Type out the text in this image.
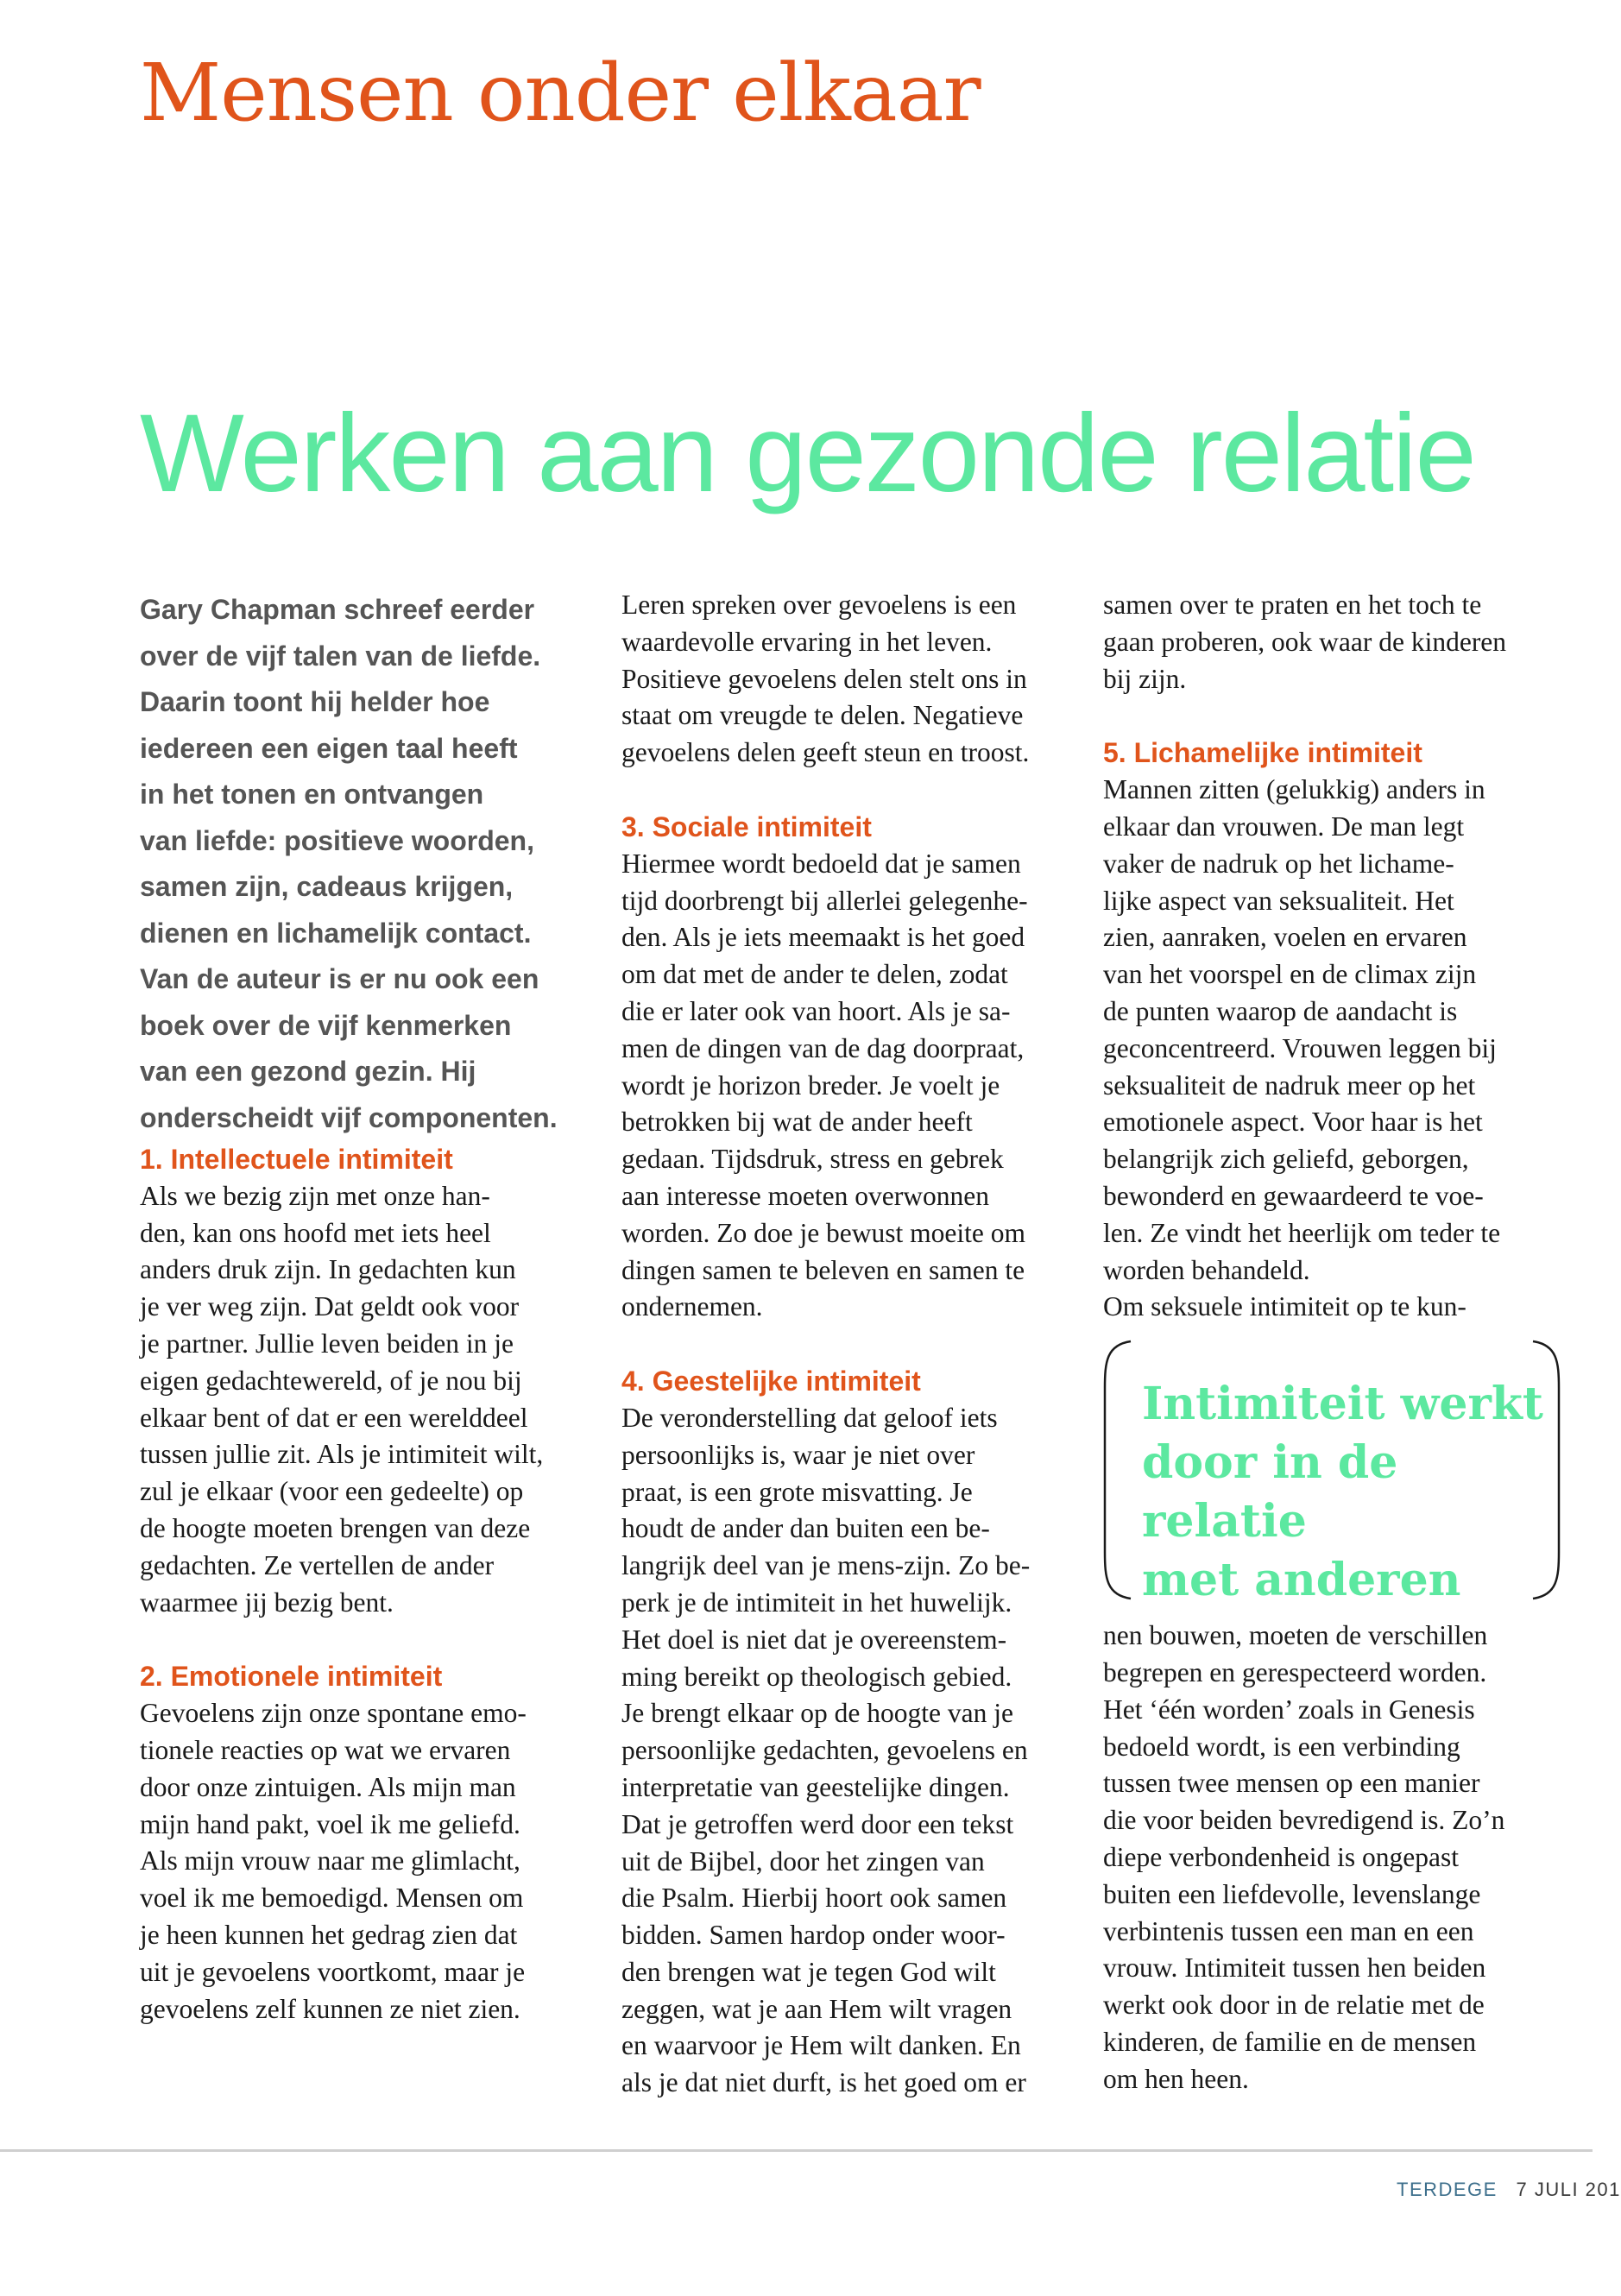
Mensen onder elkaar
Werken aan gezonde relatie

Gary Chapman schreef eerder
over de vijf talen van de liefde.
Daarin toont hij helder hoe
iedereen een eigen taal heeft
in het tonen en ontvangen
van liefde: positieve woorden,
samen zijn, cadeaus krijgen,
dienen en lichamelijk contact.
Van de auteur is er nu ook een
boek over de vijf kenmerken
van een gezond gezin. Hij
onderscheidt vijf componenten.

1. Intellectuele intimiteit

Als we bezig zijn met onze han-
den, kan ons hoofd met iets heel
anders druk zijn. In gedachten kun
je ver weg zijn. Dat geldt ook voor
je partner. Jullie leven beiden in je
eigen gedachtewereld, of je nou bij
elkaar bent of dat er een werelddeel
tussen jullie zit. Als je intimiteit wilt,
zul je elkaar (voor een gedeelte) op
de hoogte moeten brengen van deze
gedachten. Ze vertellen de ander
waarmee jij bezig bent.

2. Emotionele intimiteit

Gevoelens zijn onze spontane emo-
tionele reacties op wat we ervaren
door onze zintuigen. Als mijn man
mijn hand pakt, voel ik me geliefd.
Als mijn vrouw naar me glimlacht,
voel ik me bemoedigd. Mensen om
je heen kunnen het gedrag zien dat
uit je gevoelens voortkomt, maar je
gevoelens zelf kunnen ze niet zien.

Leren spreken over gevoelens is een
waardevolle ervaring in het leven.
Positieve gevoelens delen stelt ons in
staat om vreugde te delen. Negatieve
gevoelens delen geeft steun en troost.

3. Sociale intimiteit

Hiermee wordt bedoeld dat je samen
tijd doorbrengt bij allerlei gelegenhe-
den. Als je iets meemaakt is het goed
om dat met de ander te delen, zodat
die er later ook van hoort. Als je sa-
men de dingen van de dag doorpraat,
wordt je horizon breder. Je voelt je
betrokken bij wat de ander heeft
gedaan. Tijdsdruk, stress en gebrek
aan interesse moeten overwonnen
worden. Zo doe je bewust moeite om
dingen samen te beleven en samen te
ondernemen.

4. Geestelijke intimiteit

De veronderstelling dat geloof iets
persoonlijks is, waar je niet over
praat, is een grote misvatting. Je
houdt de ander dan buiten een be-
langrijk deel van je mens-zijn. Zo be-
perk je de intimiteit in het huwelijk.
Het doel is niet dat je overeenstem-
ming bereikt op theologisch gebied.
Je brengt elkaar op de hoogte van je
persoonlijke gedachten, gevoelens en
interpretatie van geestelijke dingen.
Dat je getroffen werd door een tekst
uit de Bijbel, door het zingen van
die Psalm. Hierbij hoort ook samen
bidden. Samen hardop onder woor-
den brengen wat je tegen God wilt
zeggen, wat je aan Hem wilt vragen
en waarvoor je Hem wilt danken. En
als je dat niet durft, is het goed om er

samen over te praten en het toch te
gaan proberen, ook waar de kinderen
bij zijn.

5. Lichamelijke intimiteit

Mannen zitten (gelukkig) anders in
elkaar dan vrouwen. De man legt
vaker de nadruk op het lichame-
lijke aspect van seksualiteit. Het
zien, aanraken, voelen en ervaren
van het voorspel en de climax zijn
de punten waarop de aandacht is
geconcentreerd. Vrouwen leggen bij
seksualiteit de nadruk meer op het
emotionele aspect. Voor haar is het
belangrijk zich geliefd, geborgen,
bewonderd en gewaardeerd te voe-
len. Ze vindt het heerlijk om teder te
worden behandeld.
Om seksuele intimiteit op te kun-

Intimiteit werkt
door in de relatie
met anderen

nen bouwen, moeten de verschillen
begrepen en gerespecteerd worden.
Het ‘één worden’ zoals in Genesis
bedoeld wordt, is een verbinding
tussen twee mensen op een manier
die voor beiden bevredigend is. Zo’n
diepe verbondenheid is ongepast
buiten een liefdevolle, levenslange
verbintenis tussen een man en een
vrouw. Intimiteit tussen hen beiden
werkt ook door in de relatie met de
kinderen, de familie en de mensen
om hen heen.

TERDEGE 7 JULI 201
